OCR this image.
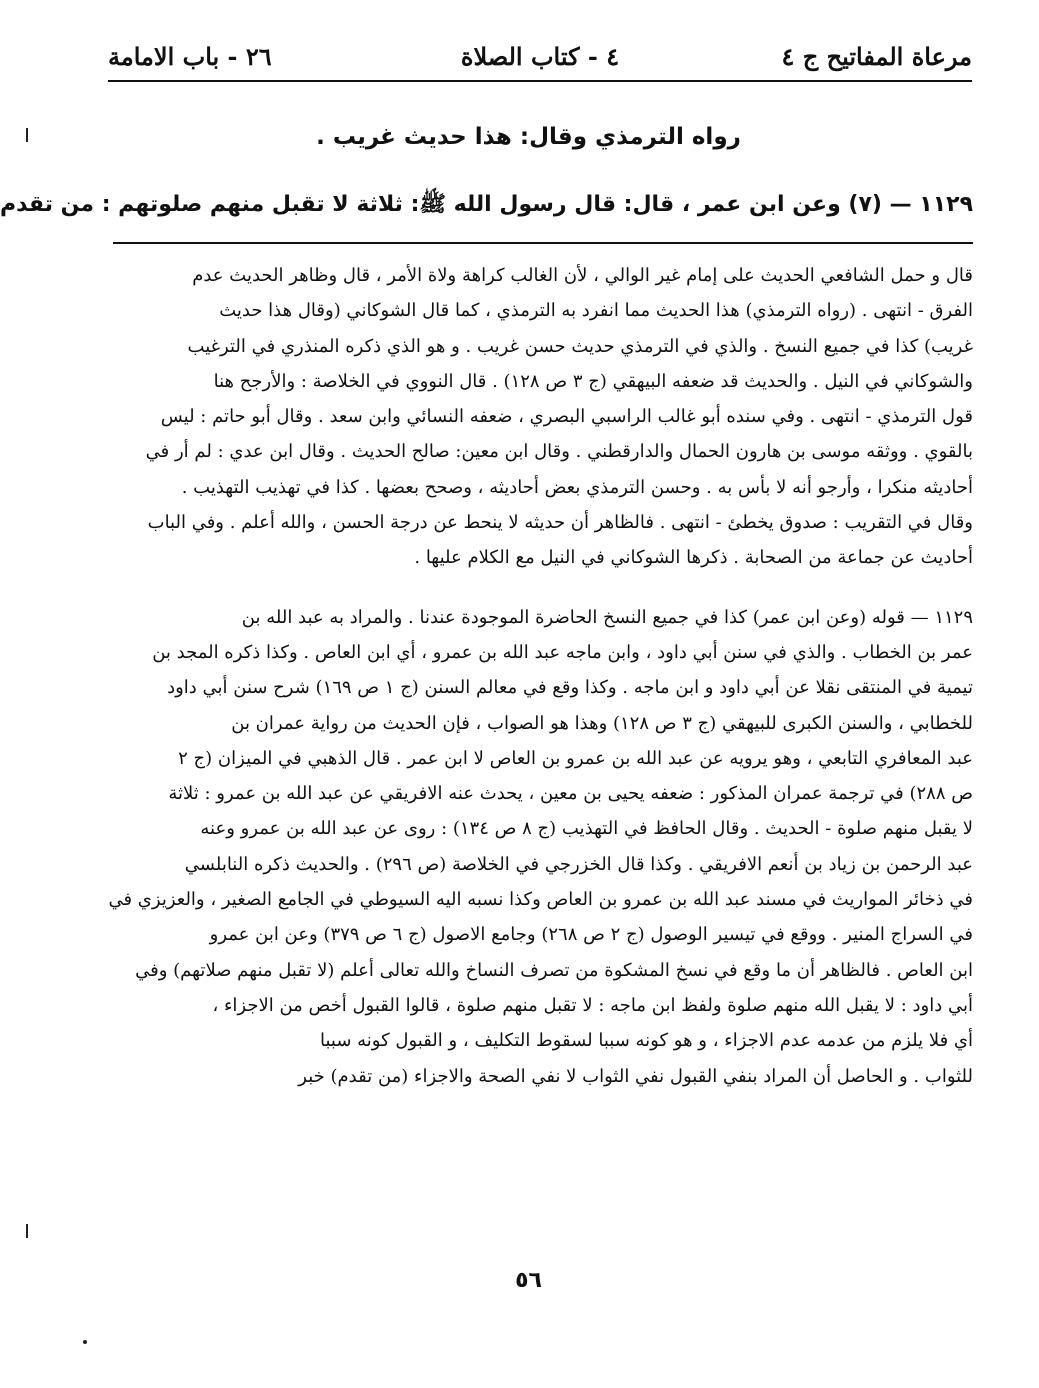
مرعاة المفاتيح ج ٤
٤ - كتاب الصلاة
٢٦ - باب الامامة
رواه الترمذي وقال: هذا حديث غريب .
١١٢٩ — (٧) وعن ابن عمر ، قال: قال رسول الله ﷺ: ثلاثة لا تقبل منهم صلوتهم : من تقدم
قال و حمل الشافعي الحديث على إمام غير الوالي ، لأن الغالب كراهة ولاة الأمر ، قال وظاهر الحديث عدم
الفرق - انتهى . (رواه الترمذي) هذا الحديث مما انفرد به الترمذي ، كما قال الشوكاني (وقال هذا حديث
غريب) كذا في جميع النسخ . والذي في الترمذي حديث حسن غريب . و هو الذي ذكره المنذري في الترغيب
والشوكاني في النيل . والحديث قد ضعفه البيهقي (ج ٣ ص ١٢٨) . قال النووي في الخلاصة : والأرجح هنا
قول الترمذي - انتهى . وفي سنده أبو غالب الراسبي البصري ، ضعفه النسائي وابن سعد . وقال أبو حاتم : ليس
بالقوي . ووثقه موسى بن هارون الحمال والدارقطني . وقال ابن معين: صالح الحديث . وقال ابن عدي : لم أر في
أحاديثه منكرا ، وأرجو أنه لا بأس به . وحسن الترمذي بعض أحاديثه ، وصحح بعضها . كذا في تهذيب التهذيب .
وقال في التقريب : صدوق يخطئ - انتهى . فالظاهر أن حديثه لا ينحط عن درجة الحسن ، والله أعلم . وفي الباب
أحاديث عن جماعة من الصحابة . ذكرها الشوكاني في النيل مع الكلام عليها .
١١٢٩ — قوله (وعن ابن عمر) كذا في جميع النسخ الحاضرة الموجودة عندنا . والمراد به عبد الله بن
عمر بن الخطاب . والذي في سنن أبي داود ، وابن ماجه عبد الله بن عمرو ، أي ابن العاص . وكذا ذكره المجد بن
تيمية في المنتقى نقلا عن أبي داود و ابن ماجه . وكذا وقع في معالم السنن (ج ١ ص ١٦٩) شرح سنن أبي داود
للخطابي ، والسنن الكبرى للبيهقي (ج ٣ ص ١٢٨) وهذا هو الصواب ، فإن الحديث من رواية عمران بن
عبد المعافري التابعي ، وهو يرويه عن عبد الله بن عمرو بن العاص لا ابن عمر . قال الذهبي في الميزان (ج ٢
ص ٢٨٨) في ترجمة عمران المذكور : ضعفه يحيى بن معين ، يحدث عنه الافريقي عن عبد الله بن عمرو : ثلاثة
لا يقبل منهم صلوة - الحديث . وقال الحافظ في التهذيب (ج ٨ ص ١٣٤) : روى عن عبد الله بن عمرو وعنه
عبد الرحمن بن زياد بن أنعم الافريقي . وكذا قال الخزرجي في الخلاصة (ص ٢٩٦) . والحديث ذكره النابلسي
في ذخائر المواريث في مسند عبد الله بن عمرو بن العاص وكذا نسبه اليه السيوطي في الجامع الصغير ، والعزيزي في
في السراج المنير . ووقع في تيسير الوصول (ج ٢ ص ٢٦٨) وجامع الاصول (ج ٦ ص ٣٧٩) وعن ابن عمرو
ابن العاص . فالظاهر أن ما وقع في نسخ المشكوة من تصرف النساخ والله تعالى أعلم (لا تقبل منهم صلاتهم) وفي
أبي داود : لا يقبل الله منهم صلوة ولفظ ابن ماجه : لا تقبل منهم صلوة ، قالوا القبول أخص من الاجزاء ،
أي فلا يلزم من عدمه عدم الاجزاء ، و هو كونه سببا لسقوط التكليف ، و القبول كونه سببا
للثواب . و الحاصل أن المراد بنفي القبول نفي الثواب لا نفي الصحة والاجزاء (من تقدم) خبر
٥٦
